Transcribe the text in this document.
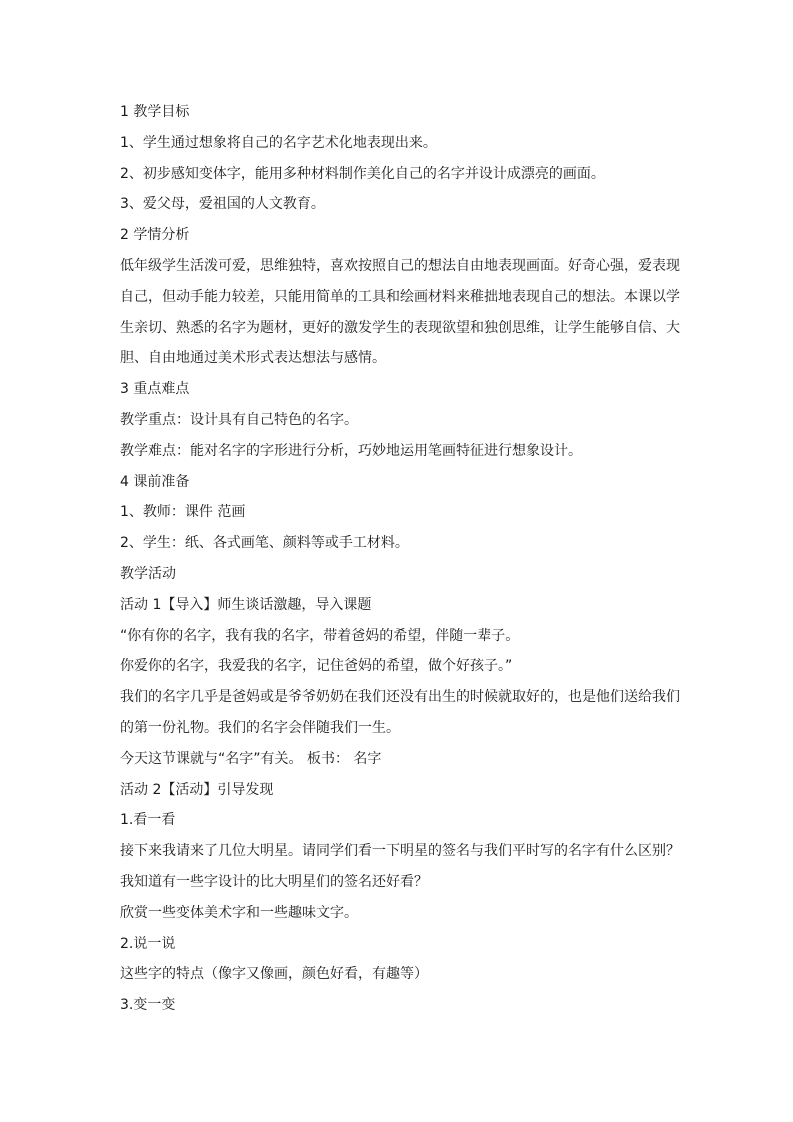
1 教学目标
1、学生通过想象将自己的名字艺术化地表现出来。
2、初步感知变体字，能用多种材料制作美化自己的名字并设计成漂亮的画面。
3、爱父母，爱祖国的人文教育。
2 学情分析
低年级学生活泼可爱，思维独特，喜欢按照自己的想法自由地表现画面。好奇心强，爱表现自己，但动手能力较差，只能用简单的工具和绘画材料来稚拙地表现自己的想法。本课以学生亲切、熟悉的名字为题材，更好的激发学生的表现欲望和独创思维，让学生能够自信、大胆、自由地通过美术形式表达想法与感情。
3 重点难点
教学重点：设计具有自己特色的名字。
教学难点：能对名字的字形进行分析，巧妙地运用笔画特征进行想象设计。
4 课前准备
1、教师：课件 范画
2、学生：纸、各式画笔、颜料等或手工材料。
教学活动
活动 1【导入】师生谈话激趣，导入课题
“你有你的名字，我有我的名字，带着爸妈的希望，伴随一辈子。
你爱你的名字，我爱我的名字，记住爸妈的希望，做个好孩子。”
我们的名字几乎是爸妈或是爷爷奶奶在我们还没有出生的时候就取好的，也是他们送给我们的第一份礼物。我们的名字会伴随我们一生。
今天这节课就与“名字”有关。 板书： 名字
活动 2【活动】引导发现
1.看一看
接下来我请来了几位大明星。请同学们看一下明星的签名与我们平时写的名字有什么区别？
我知道有一些字设计的比大明星们的签名还好看？
欣赏一些变体美术字和一些趣味文字。
2.说一说
这些字的特点（像字又像画，颜色好看，有趣等）
3.变一变
